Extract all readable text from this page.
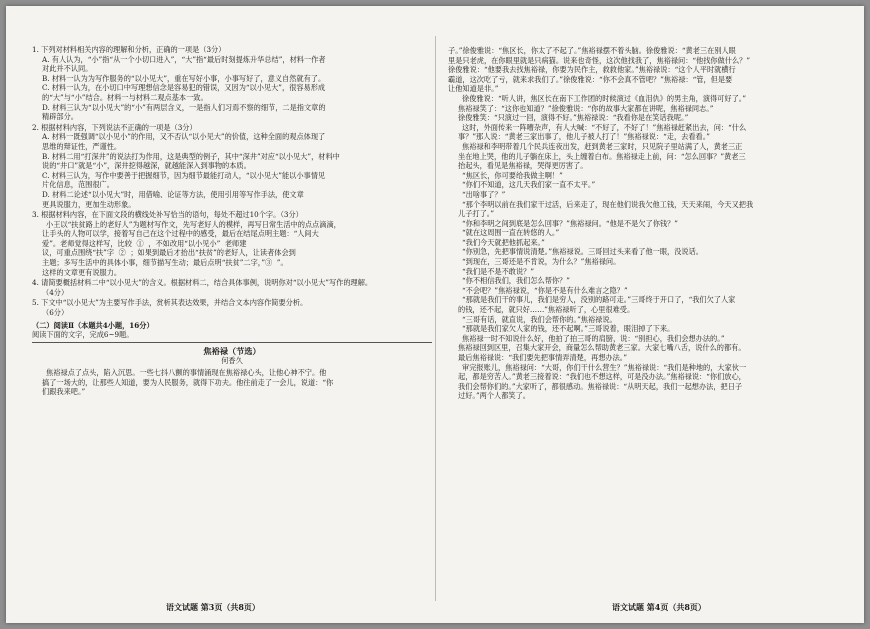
1. 下列对材料相关内容的理解和分析，正确的一项是（3分）

A. 有人认为，“小”指“从一个小切口进入”，“大”指“最后时刻提炼升华总结”，材料一作者

对此并不认同。

B. 材料一认为为写作服务的“以小见大”，重在写好小事，小事写好了，意义自然就有了。

C. 材料一认为，在小切口中写理想信念是容易犯的错误，又因为“以小见大”，很容易形成

的“大”与“小”结合。材料一与材料二观点基本一致。

D. 材料三认为“以小见大”的“小”有两层含义，一是指人们习焉不察的细节，二是指文章的

精辟部分。

2. 根据材料内容，下列说法不正确的一项是（3分）

A. 材料一既强调“以小见小”的作用，又不否认“以小见大”的价值，这种全面的观点体现了

思维的辩证性，严谨性。

B. 材料二用“打深井”的说法打为作用，这是典型的例子，其中“深井”对应“以小见大”，材料中

说的“井口”就是“小”，深井挖得越深，就越能深入到事物的本质。

C. 材料三认为，写作中要善于把握细节，因为细节最能打动人，“以小见大”能以小事情见

片化信息，范围很广。

D. 材料二论述“以小见大”时，用借喻、论证等方法，使用引用等写作手法，使文章

更具说服力，更加生动形象。

3. 根据材料内容，在下面文段的横线处补写恰当的语句，每处不超过10个字。（3分）

小王以“扶贫路上的老好人”为题材写作文，先写老好人的模样，再写日常生活中的点点滴滴，

让手头的人物可以学，接着写自己在这个过程中的感受，最后在结尾点明主题：“人间大

爱”。老师觉得这样写，比较  ①  ，不如改用“以小见小”  老师建

议，可重点围绕“扶”字  ②  ；如果到最后才抬出“扶贫”的老好人，让读者体会到

主题；多写生活中的具体小事，细节描写生动；最后点明“扶贫”二字，”③  ”。

这样的文章更有说服力。

4. 请简要概括材料二中“以小见大”的含义。根据材料二，结合具体事例，说明你对“以小见大”写作的理解。

（4分）

5. 下文中“以小见大”为主要写作手法，赏析其表达效果，并结合文本内容作简要分析。

（6分）

（二）阅读Ⅱ（本题共4小题，16分）

阅读下面的文字，完成6~9题。

焦裕禄（节选）

何香久

焦裕禄点了点头，陷入沉思。一些七抖八颤的事情涌现在焦裕禄心头，让他心神不宁。他

搞了一场大的，让那些人知道，要为人民服务，就得下功夫。他往前走了一会儿，说道：“你

们跟我来吧。”

子。”徐俊雅说：“焦区长，你太了不起了。”焦裕禄摆不着头脑。徐俊雅说：“黄老三在别人眼

里是只老虎，在你眼里就是只病猫。说来也奇怪，这次他找我了，焦裕禄问：“他找你做什么？”

徐俊雅说：“他要我去找焦裕禄，你要为民作主，救救他家。”焦裕禄说：“这个人平时就横行

霸道，这次吃了亏，就来求我们了。”徐俊雅说：“你不会真不管吧？”焦裕禄：“管，但是要

让他知道是非。”

徐俊雅说：“听人讲，焦区长在南下工作团的时候演过《血泪仇》的男主角，演得可好了。”

焦裕禄笑了：“这你也知道？”徐俊雅说：“你的故事大家都在讲呢，焦裕禄同志。”

徐俊雅笑：“只演过一回，演得不好。”焦裕禄说：“我看你是在笑话我呢。”

这时，外面传来一阵嘈杂声，有人大喊：“不好了，不好了！”焦裕禄赶紧出去，问：“什么

事？”那人说：“黄老三家出事了，他儿子被人打了！”焦裕禄说：“走，去看看。”

焦裕禄和李明带着几个民兵连夜出发，赶到黄老三家时，只见院子里站满了人，黄老三正

坐在地上哭，他的儿子躺在床上，头上缠着白布。焦裕禄走上前，问：“怎么回事？”黄老三

抬起头，看见是焦裕禄，哭得更厉害了。

“焦区长，你可要给我做主啊！”

“你们不知道，这几天我们家一直不太平。”

“出啥事了？”

“那个李明以前在我们家干过活，后来走了，现在他们说我欠他工钱，天天来闹，今天又把我

儿子打了。”

“你和李明之间到底是怎么回事？”焦裕禄问。“他是不是欠了你钱？”

“就在这周围一直在转悠的人。”

“我们今天就把他抓起来。”

“你别急，先把事情说清楚。”焦裕禄说。三哥回过头来看了他一眼，没说话。

“到现在，三哥还是不肯说，为什么？”焦裕禄问。

“我们是不是不敢说？”

“你不相信我们，我们怎么帮你？”

“不会吧？”焦裕禄说，“你是不是有什么难言之隐？”

“那就是我们干的事儿，我们是穷人，没别的路可走。”三哥终于开口了，“我们欠了人家

的钱，还不起，就只好……”焦裕禄听了，心里很难受。

“三哥有话，就直说，我们会帮你的。”焦裕禄说。

“那就是我们家欠人家的钱，还不起啊。”三哥说着，眼泪掉了下来。

焦裕禄一时不知说什么好，他拍了拍三哥的肩膀，说：“别担心，我们会想办法的。”

焦裕禄回到区里，召集大家开会，商量怎么帮助黄老三家。大家七嘴八舌，说什么的都有。

最后焦裕禄说：“我们要先把事情弄清楚，再想办法。”

审完报账儿，焦裕禄问：“大哥，你们干什么营生？”焦裕禄说：“我们是种地的，大家伙一

起，都是穷苦人。”黄老三接着说：“我们也不想这样，可是没办法。”焦裕禄说：“你们放心，

我们会帮你们的。”大家听了，都很感动。焦裕禄说：“从明天起，我们一起想办法，把日子

过好。”两个人都笑了。

语文试题 第3页（共8页）	语文试题 第4页（共8页）
